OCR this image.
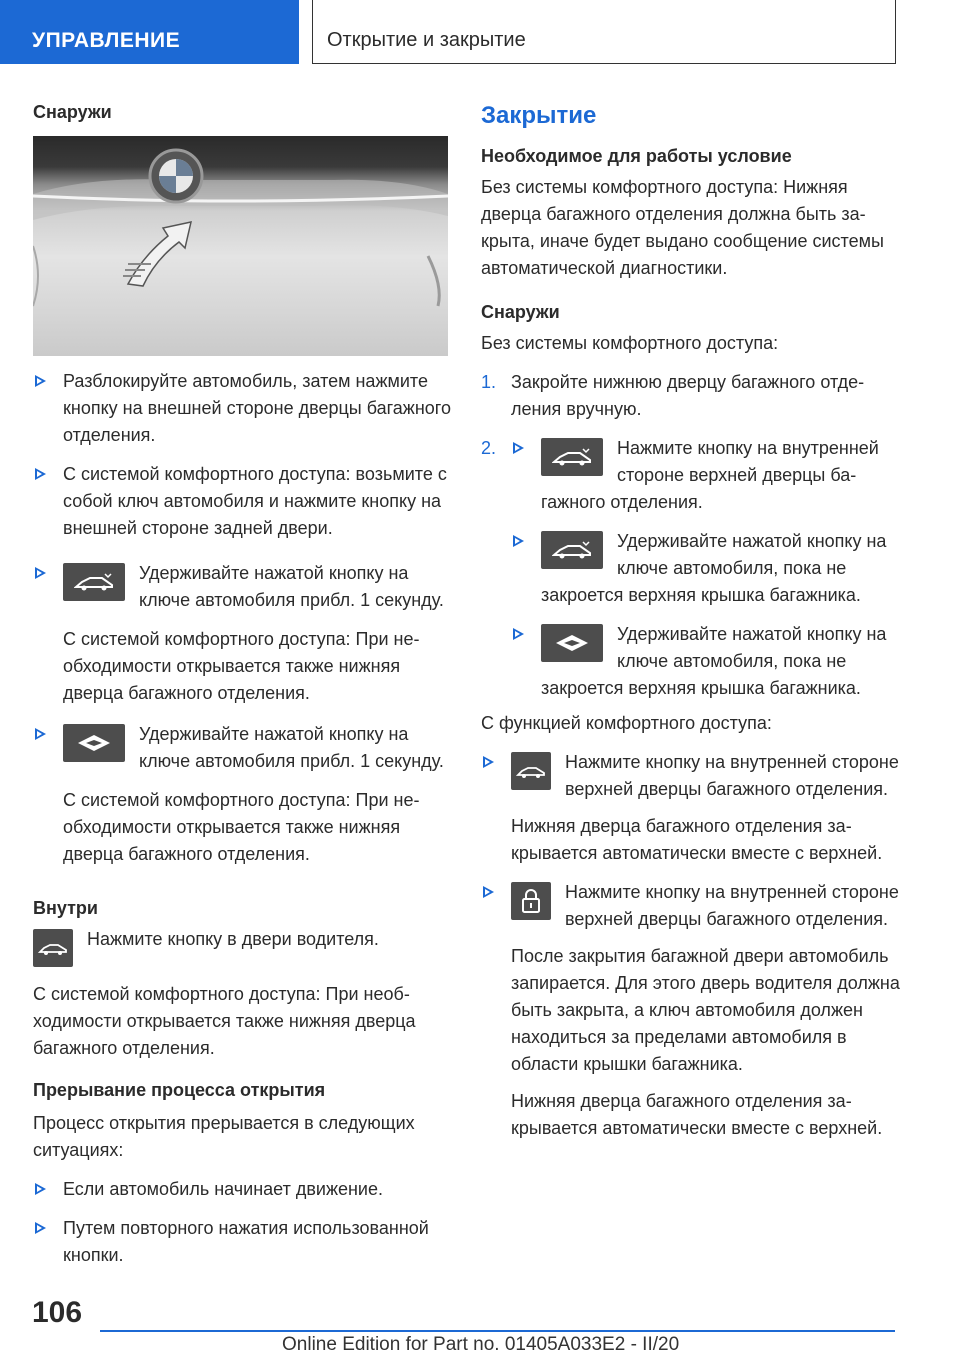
УПРАВЛЕНИЕ	Открытие и закрытие
Снаружи

Разблокируйте автомобиль, затем нажмите кнопку на внешней стороне дверцы багажного отделения.

С системой комфортного доступа: возьмите с собой ключ автомобиля и нажмите кнопку на внешней стороне задней двери.

Удерживайте нажатой кнопку на ключе автомобиля прибл. 1 секунду.

С системой комфортного доступа: При необходимости открывается также нижняя дверца багажного отделения.

Удерживайте нажатой кнопку на ключе автомобиля прибл. 1 секунду.

С системой комфортного доступа: При необходимости открывается также нижняя дверца багажного отделения.

Внутри

Нажмите кнопку в двери водителя.

С системой комфортного доступа: При необходимости открывается также нижняя дверца багажного отделения.

Прерывание процесса открытия

Процесс открытия прерывается в следующих ситуациях:

Если автомобиль начинает движение.

Путем повторного нажатия использованной кнопки.

Закрытие
Необходимое для работы условие

Без системы комфортного доступа: Нижняя дверца багажного отделения должна быть закрыта, иначе будет выдано сообщение системы автоматической диагностики.

Снаружи

Без системы комфортного доступа:

1. Закройте нижнюю дверцу багажного отделения вручную.

2.	Нажмите кнопку на внутренней стороне верхней дверцы багажного отделения.

Удерживайте нажатой кнопку на ключе автомобиля, пока не закроется верхняя крышка багажника.

Удерживайте нажатой кнопку на ключе автомобиля, пока не закроется верхняя крышка багажника.

С функцией комфортного доступа:

Нажмите кнопку на внутренней стороне верхней дверцы багажного отделения.

Нижняя дверца багажного отделения закрывается автоматически вместе с верхней.

Нажмите кнопку на внутренней стороне верхней дверцы багажного отделения.

После закрытия багажной двери автомобиль запирается. Для этого дверь водителя должна быть закрыта, а ключ автомобиля должен находиться за пределами автомобиля в области крышки багажника.

Нижняя дверца багажного отделения закрывается автоматически вместе с верхней.

106
Online Edition for Part no. 01405A033E2 - II/20
